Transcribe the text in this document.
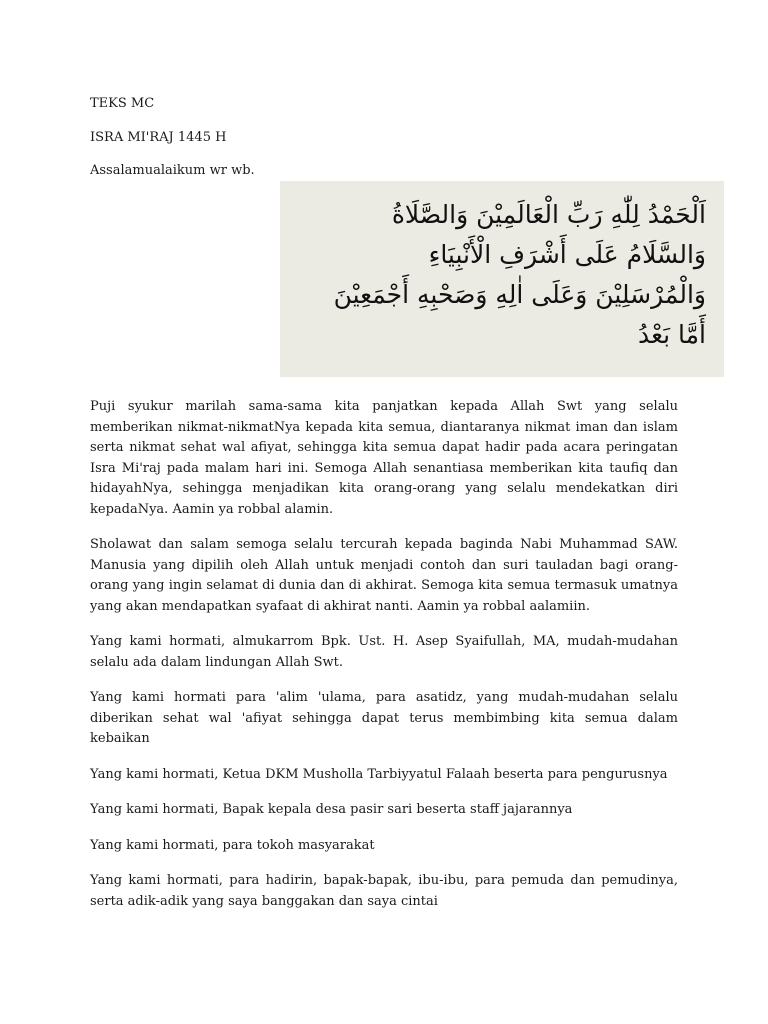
TEKS MC
ISRA MI'RAJ 1445 H
Assalamualaikum wr wb.
اَلْحَمْدُ لِلّٰهِ رَبِّ الْعَالَمِيْنَ وَالصَّلَاةُ
وَالسَّلَامُ عَلَى أَشْرَفِ الْأَنْبِيَاءِ
وَالْمُرْسَلِيْنَ وَعَلَى اٰلِهِ وَصَحْبِهِ أَجْمَعِيْنَ
أَمَّا بَعْدُ

Puji syukur marilah sama-sama kita panjatkan kepada Allah Swt yang selalu memberikan nikmat-nikmatNya kepada kita semua, diantaranya nikmat iman dan islam serta nikmat sehat wal afiyat, sehingga kita semua dapat hadir pada acara peringatan Isra Mi'raj pada malam hari ini. Semoga Allah senantiasa memberikan kita taufiq dan hidayahNya, sehingga menjadikan kita orang-orang yang selalu mendekatkan diri kepadaNya. Aamin ya robbal alamin.

Sholawat dan salam semoga selalu tercurah kepada baginda Nabi Muhammad SAW. Manusia yang dipilih oleh Allah untuk menjadi contoh dan suri tauladan bagi orang-orang yang ingin selamat di dunia dan di akhirat. Semoga kita semua termasuk umatnya yang akan mendapatkan syafaat di akhirat nanti. Aamin ya robbal aalamiin.

Yang kami hormati, almukarrom Bpk. Ust. H. Asep Syaifullah, MA, mudah-mudahan selalu ada dalam lindungan Allah Swt.

Yang kami hormati para 'alim 'ulama, para asatidz, yang mudah-mudahan selalu diberikan sehat wal 'afiyat sehingga dapat terus membimbing kita semua dalam kebaikan

Yang kami hormati, Ketua DKM Musholla Tarbiyyatul Falaah beserta para pengurusnya

Yang kami hormati, Bapak kepala desa pasir sari beserta staff jajarannya

Yang kami hormati, para tokoh masyarakat

Yang kami hormati, para hadirin, bapak-bapak, ibu-ibu, para pemuda dan pemudinya, serta adik-adik yang saya banggakan dan saya cintai
